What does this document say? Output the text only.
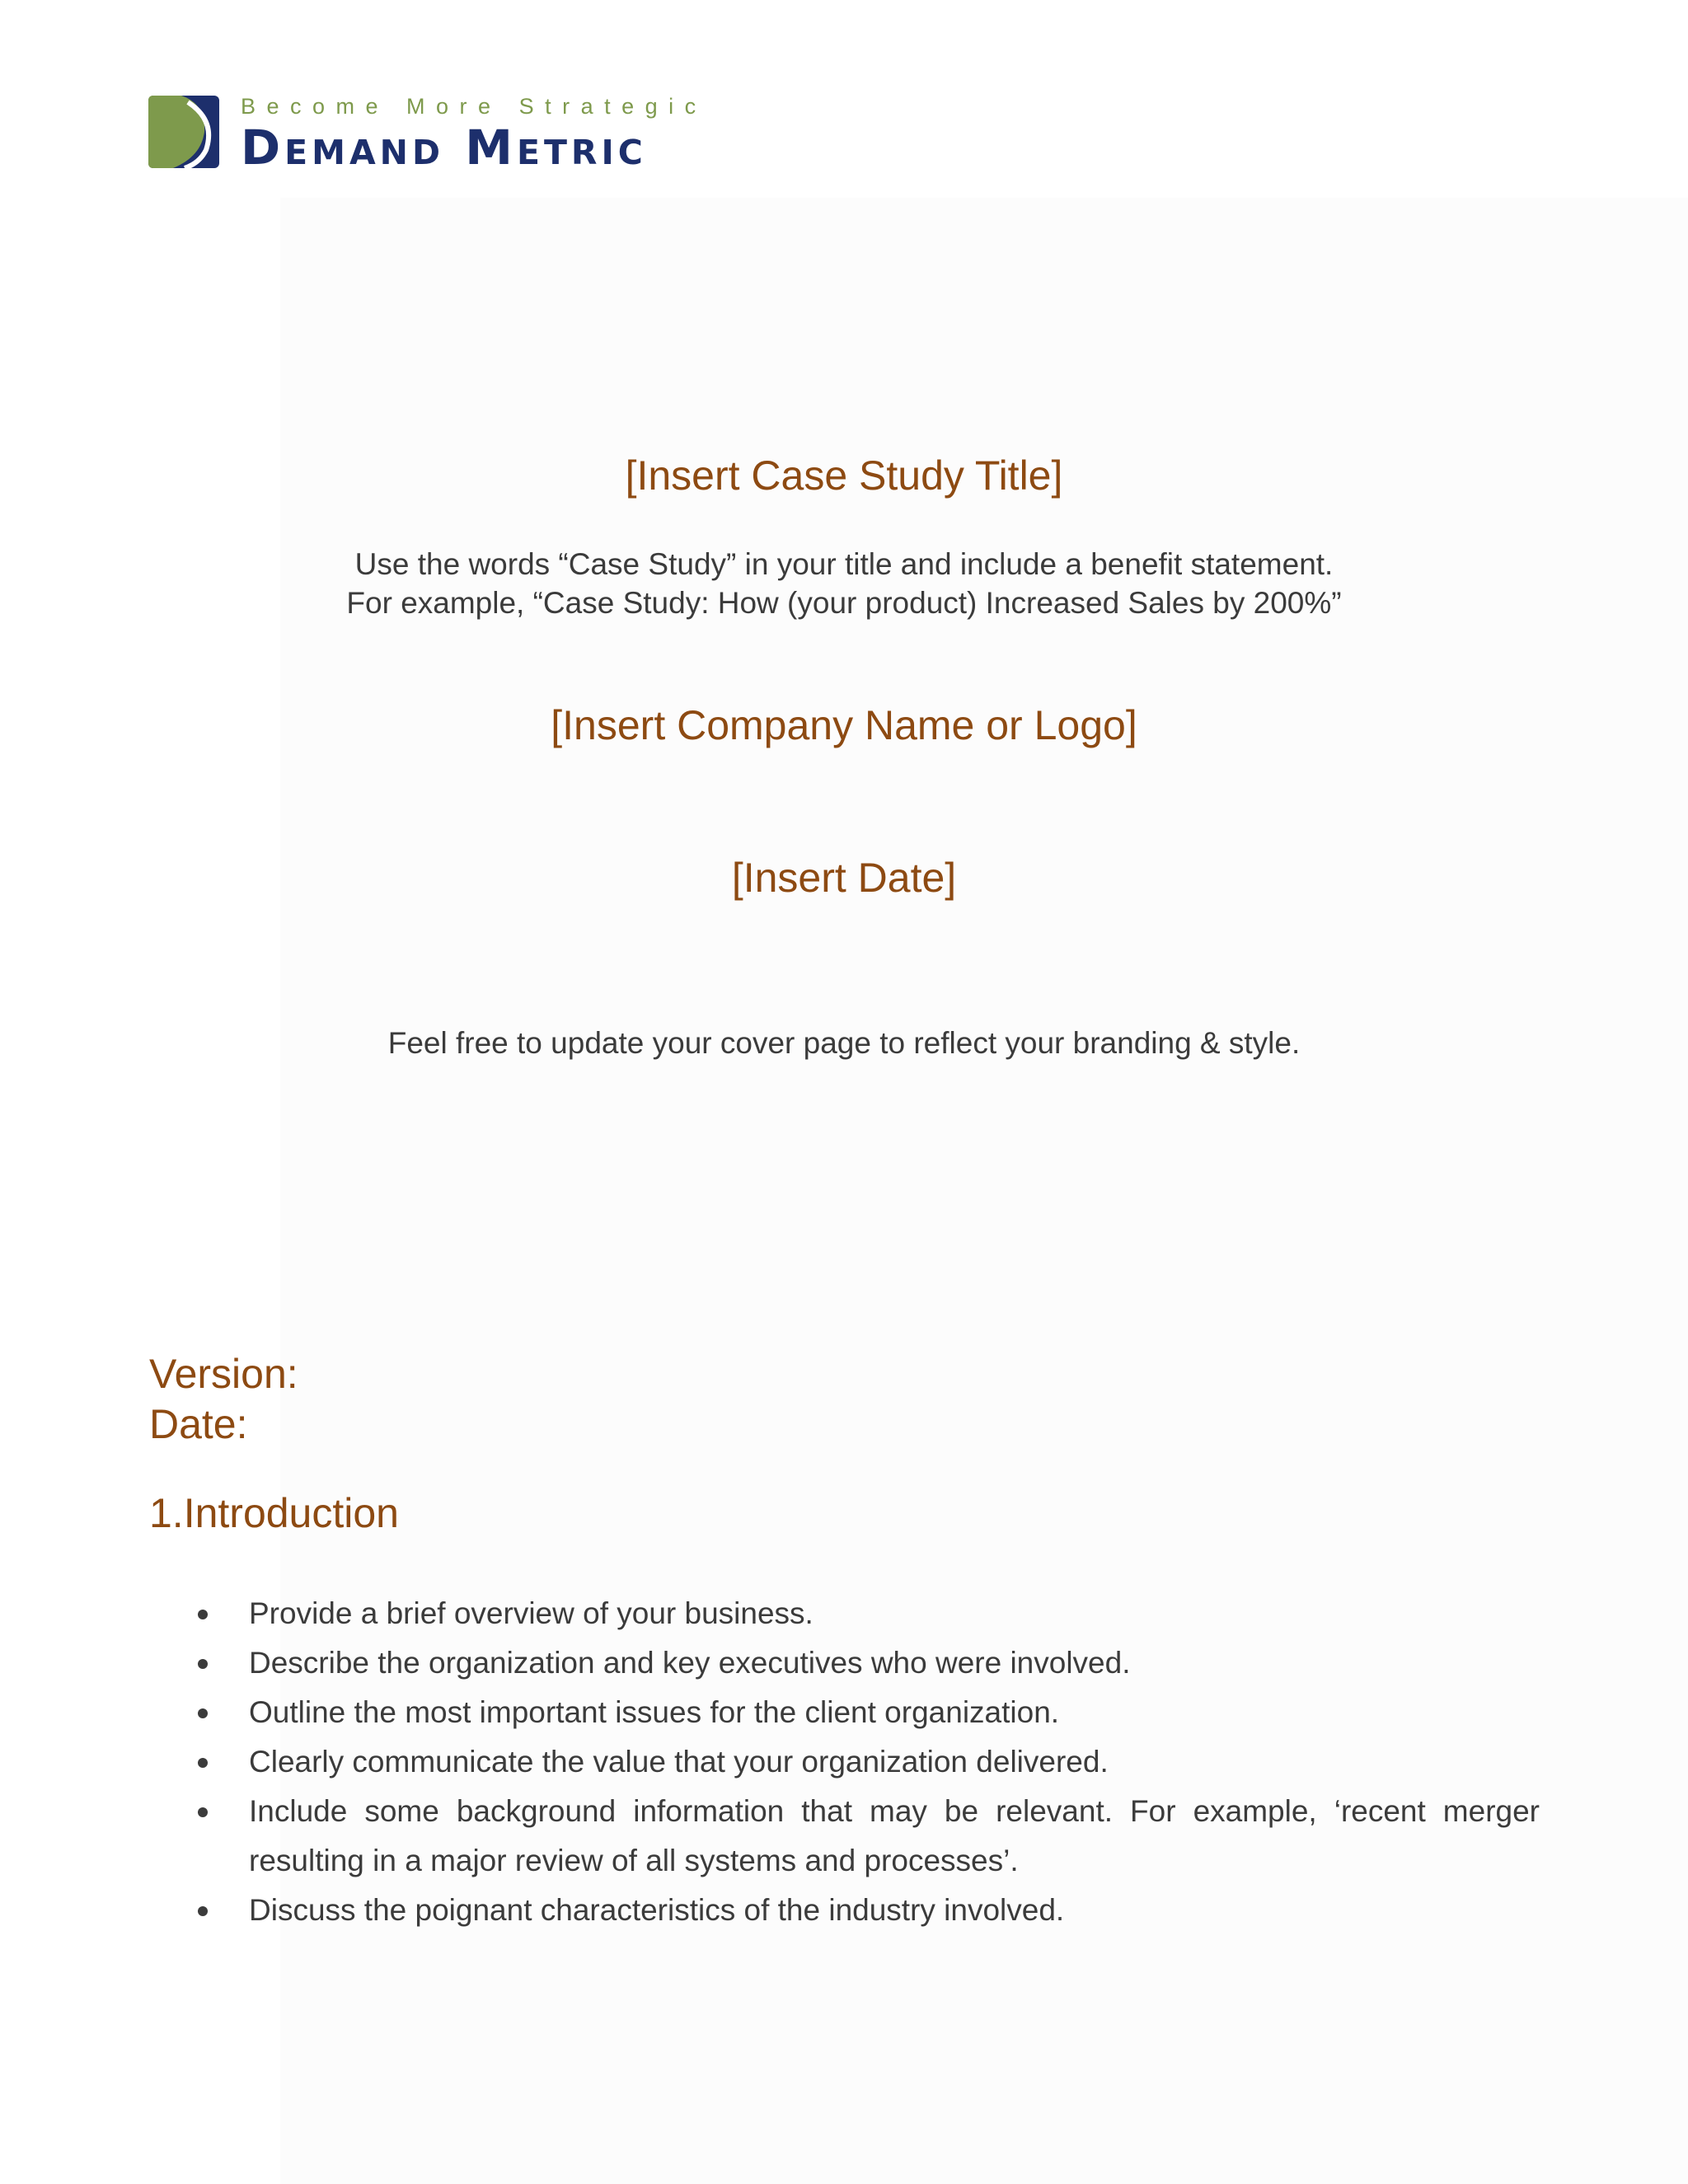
Become More Strategic
Demand Metric
[Insert Case Study Title]
Use the words “Case Study” in your title and include a benefit statement.
For example, “Case Study: How (your product) Increased Sales by 200%”
[Insert Company Name or Logo]
[Insert Date]
Feel free to update your cover page to reflect your branding & style.
Version:
Date:
1.Introduction
Provide a brief overview of your business.
Describe the organization and key executives who were involved.
Outline the most important issues for the client organization.
Clearly communicate the value that your organization delivered.
Include some background information that may be relevant. For example, ‘recent merger resulting in a major review of all systems and processes’.
Discuss the poignant characteristics of the industry involved.
